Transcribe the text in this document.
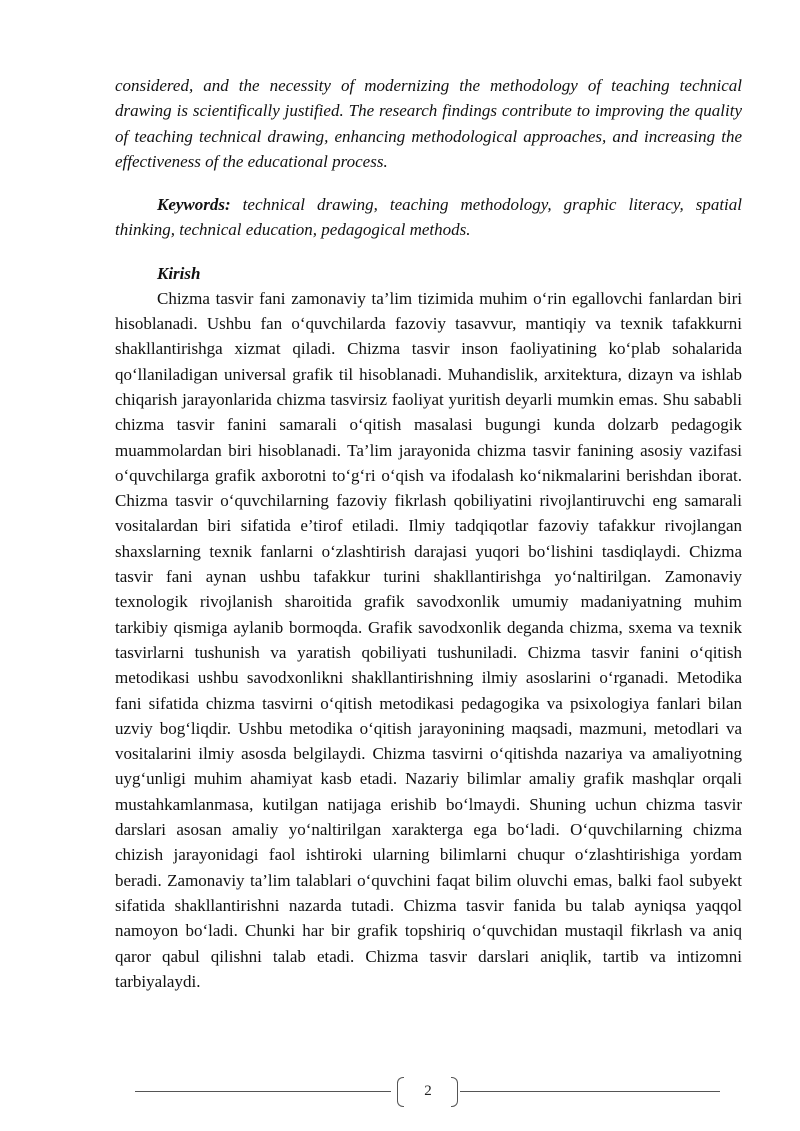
considered, and the necessity of modernizing the methodology of teaching technical drawing is scientifically justified. The research findings contribute to improving the quality of teaching technical drawing, enhancing methodological approaches, and increasing the effectiveness of the educational process.

Keywords: technical drawing, teaching methodology, graphic literacy, spatial thinking, technical education, pedagogical methods.

Kirish

Chizma tasvir fani zamonaviy ta’lim tizimida muhim o‘rin egallovchi fanlardan biri hisoblanadi. Ushbu fan o‘quvchilarda fazoviy tasavvur, mantiqiy va texnik tafakkurni shakllantirishga xizmat qiladi. Chizma tasvir inson faoliyatining ko‘plab sohalarida qo‘llaniladigan universal grafik til hisoblanadi. Muhandislik, arxitektura, dizayn va ishlab chiqarish jarayonlarida chizma tasvirsiz faoliyat yuritish deyarli mumkin emas. Shu sababli chizma tasvir fanini samarali o‘qitish masalasi bugungi kunda dolzarb pedagogik muammolardan biri hisoblanadi. Ta’lim jarayonida chizma tasvir fanining asosiy vazifasi o‘quvchilarga grafik axborotni to‘g‘ri o‘qish va ifodalash ko‘nikmalarini berishdan iborat. Chizma tasvir o‘quvchilarning fazoviy fikrlash qobiliyatini rivojlantiruvchi eng samarali vositalardan biri sifatida e’tirof etiladi. Ilmiy tadqiqotlar fazoviy tafakkur rivojlangan shaxslarning texnik fanlarni o‘zlashtirish darajasi yuqori bo‘lishini tasdiqlaydi. Chizma tasvir fani aynan ushbu tafakkur turini shakllantirishga yo‘naltirilgan. Zamonaviy texnologik rivojlanish sharoitida grafik savodxonlik umumiy madaniyatning muhim tarkibiy qismiga aylanib bormoqda. Grafik savodxonlik deganda chizma, sxema va texnik tasvirlarni tushunish va yaratish qobiliyati tushuniladi. Chizma tasvir fanini o‘qitish metodikasi ushbu savodxonlikni shakllantirishning ilmiy asoslarini o‘rganadi. Metodika fani sifatida chizma tasvirni o‘qitish metodikasi pedagogika va psixologiya fanlari bilan uzviy bog‘liqdir. Ushbu metodika o‘qitish jarayonining maqsadi, mazmuni, metodlari va vositalarini ilmiy asosda belgilaydi. Chizma tasvirni o‘qitishda nazariya va amaliyotning uyg‘unligi muhim ahamiyat kasb etadi. Nazariy bilimlar amaliy grafik mashqlar orqali mustahkamlanmasa, kutilgan natijaga erishib bo‘lmaydi. Shuning uchun chizma tasvir darslari asosan amaliy yo‘naltirilgan xarakterga ega bo‘ladi. O‘quvchilarning chizma chizish jarayonidagi faol ishtiroki ularning bilimlarni chuqur o‘zlashtirishiga yordam beradi. Zamonaviy ta’lim talablari o‘quvchini faqat bilim oluvchi emas, balki faol subyekt sifatida shakllantirishni nazarda tutadi. Chizma tasvir fanida bu talab ayniqsa yaqqol namoyon bo‘ladi. Chunki har bir grafik topshiriq o‘quvchidan mustaqil fikrlash va aniq qaror qabul qilishni talab etadi. Chizma tasvir darslari aniqlik, tartib va intizomni tarbiyalaydi.

2
